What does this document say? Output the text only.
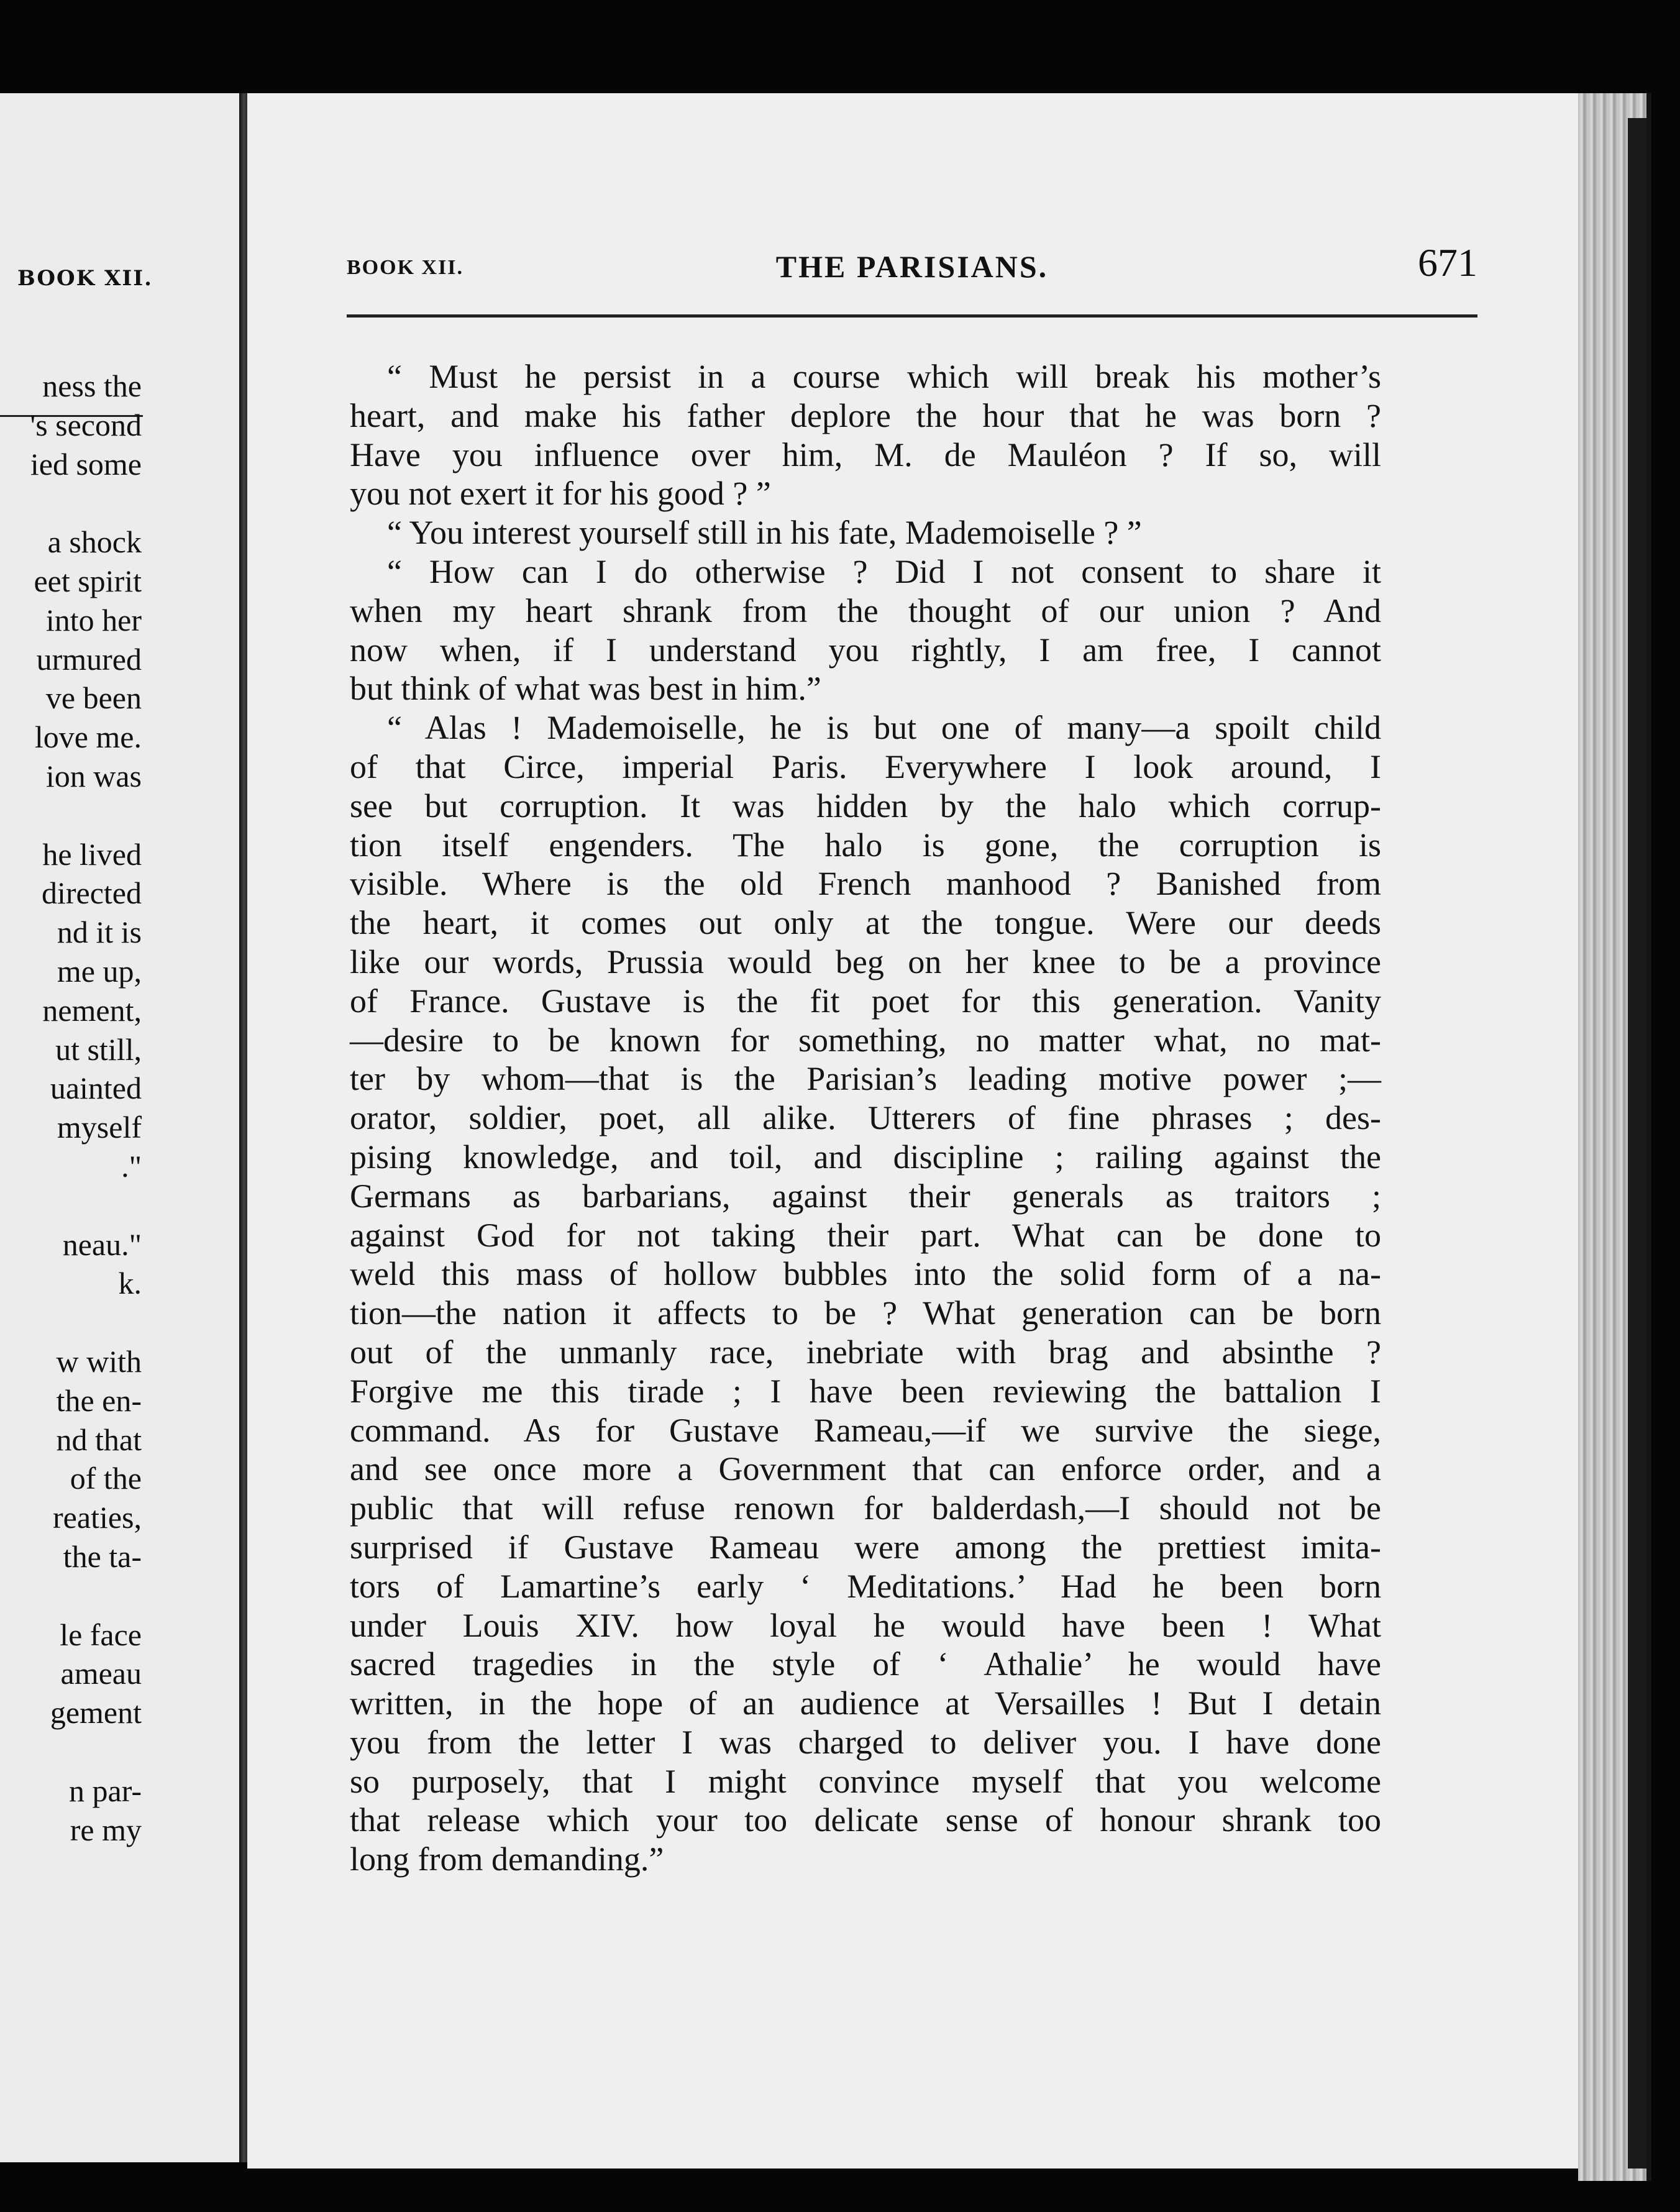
BOOK XII.
ness the
's second
ied some
a shock
eet spirit
into her
urmured
ve been
love me.
ion was
he lived
directed
nd it is
me up,
nement,
ut still,
uainted
myself
."
neau."
k.
w with
the en-
nd that
of the
reaties,
the ta-
le face
ameau
gement
n par-
re my
BOOK XII.	THE PARISIANS.	671
“ Must he persist in a course which will break his mother’s
heart, and make his father deplore the hour that he was born ?
Have you influence over him, M. de Mauléon ? If so, will
you not exert it for his good ? ”
“ You interest yourself still in his fate, Mademoiselle ? ”
“ How can I do otherwise ? Did I not consent to share it
when my heart shrank from the thought of our union ? And
now when, if I understand you rightly, I am free, I cannot
but think of what was best in him.”
“ Alas ! Mademoiselle, he is but one of many—a spoilt child
of that Circe, imperial Paris. Everywhere I look around, I
see but corruption. It was hidden by the halo which corrup-
tion itself engenders. The halo is gone, the corruption is
visible. Where is the old French manhood ? Banished from
the heart, it comes out only at the tongue. Were our deeds
like our words, Prussia would beg on her knee to be a province
of France. Gustave is the fit poet for this generation. Vanity
—desire to be known for something, no matter what, no mat-
ter by whom—that is the Parisian’s leading motive power ;—
orator, soldier, poet, all alike. Utterers of fine phrases ; des-
pising knowledge, and toil, and discipline ; railing against the
Germans as barbarians, against their generals as traitors ;
against God for not taking their part. What can be done to
weld this mass of hollow bubbles into the solid form of a na-
tion—the nation it affects to be ? What generation can be born
out of the unmanly race, inebriate with brag and absinthe ?
Forgive me this tirade ; I have been reviewing the battalion I
command. As for Gustave Rameau,—if we survive the siege,
and see once more a Government that can enforce order, and a
public that will refuse renown for balderdash,—I should not be
surprised if Gustave Rameau were among the prettiest imita-
tors of Lamartine’s early ‘ Meditations.’ Had he been born
under Louis XIV. how loyal he would have been ! What
sacred tragedies in the style of ‘ Athalie’ he would have
written, in the hope of an audience at Versailles ! But I detain
you from the letter I was charged to deliver you. I have done
so purposely, that I might convince myself that you welcome
that release which your too delicate sense of honour shrank too
long from demanding.”
